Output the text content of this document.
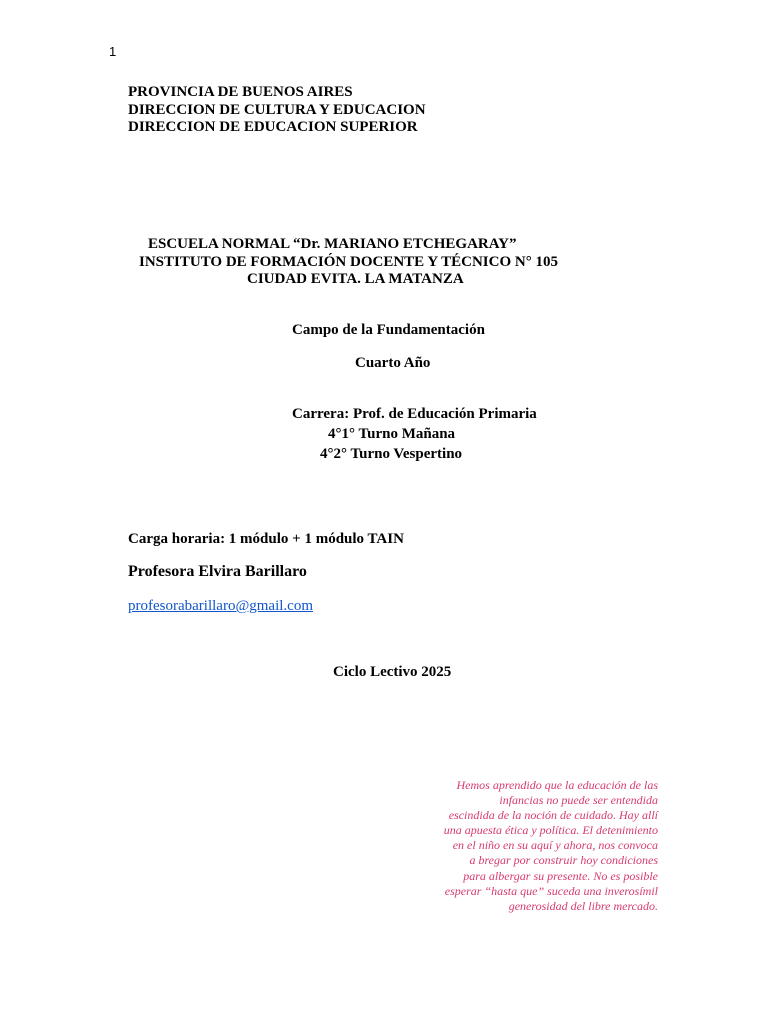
1
PROVINCIA DE BUENOS AIRES
DIRECCION DE CULTURA Y EDUCACION
DIRECCION DE EDUCACION SUPERIOR
ESCUELA NORMAL “Dr. MARIANO ETCHEGARAY”
INSTITUTO DE FORMACIÓN DOCENTE Y TÉCNICO N° 105
CIUDAD EVITA. LA MATANZA
Campo de la Fundamentación
Cuarto Año
Carrera: Prof. de Educación Primaria
4°1° Turno Mañana
4°2° Turno Vespertino
Carga horaria: 1 módulo + 1 módulo TAIN
Profesora Elvira Barillaro
profesorabarillaro@gmail.com
Ciclo Lectivo 2025
Hemos aprendido que la educación de las
infancias no puede ser entendida
escindida de la noción de cuidado. Hay allí
una apuesta ética y política. El detenimiento
en el niño en su aquí y ahora, nos convoca
a bregar por construir hoy condiciones
para albergar su presente. No es posible
esperar “hasta que” suceda una inverosímil
generosidad del libre mercado.
